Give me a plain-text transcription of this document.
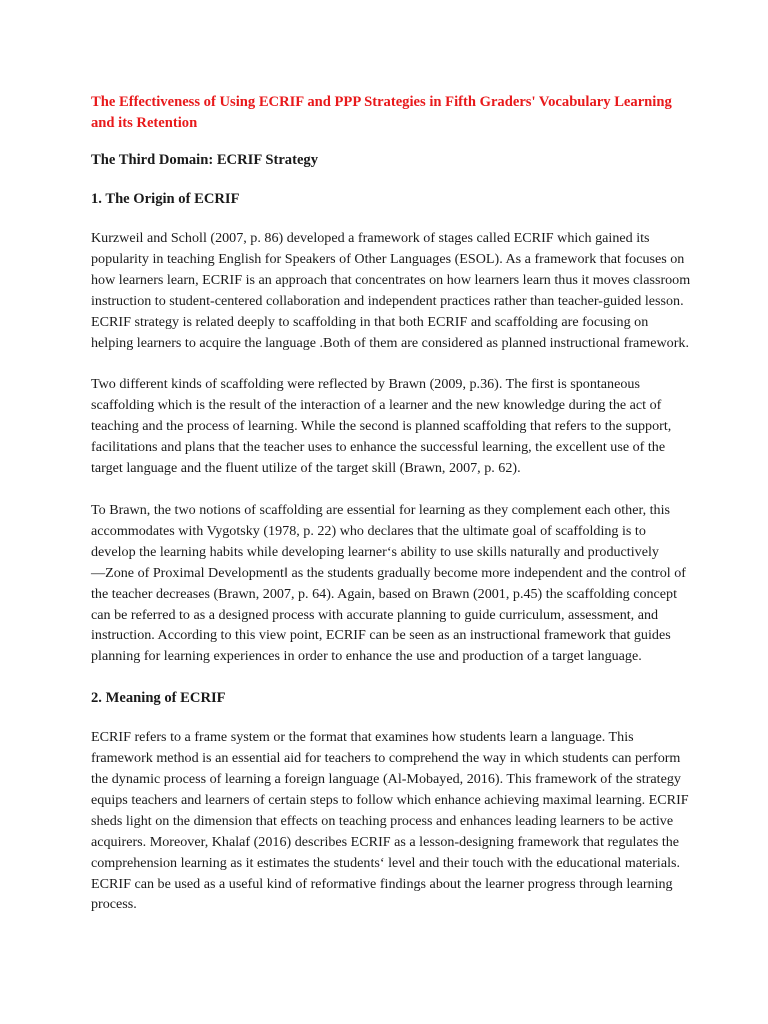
The Effectiveness of Using ECRIF and PPP Strategies in Fifth Graders' Vocabulary Learning and its Retention
The Third Domain: ECRIF Strategy
1. The Origin of ECRIF

Kurzweil and Scholl (2007, p. 86) developed a framework of stages called ECRIF which gained its popularity in teaching English for Speakers of Other Languages (ESOL). As a framework that focuses on how learners learn, ECRIF is an approach that concentrates on how learners learn thus it moves classroom instruction to student-centered collaboration and independent practices rather than teacher-guided lesson. ECRIF strategy is related deeply to scaffolding in that both ECRIF and scaffolding are focusing on helping learners to acquire the language .Both of them are considered as planned instructional framework.

Two different kinds of scaffolding were reflected by Brawn (2009, p.36). The first is spontaneous scaffolding which is the result of the interaction of a learner and the new knowledge during the act of teaching and the process of learning. While the second is planned scaffolding that refers to the support, facilitations and plans that the teacher uses to enhance the successful learning, the excellent use of the target language and the fluent utilize of the target skill (Brawn, 2007, p. 62).

To Brawn, the two notions of scaffolding are essential for learning as they complement each other, this accommodates with Vygotsky (1978, p. 22) who declares that the ultimate goal of scaffolding is to develop the learning habits while developing learner‘s ability to use skills naturally and productively ―Zone of Proximal Development‖ as the students gradually become more independent and the control of the teacher decreases (Brawn, 2007, p. 64). Again, based on Brawn (2001, p.45) the scaffolding concept can be referred to as a designed process with accurate planning to guide curriculum, assessment, and instruction. According to this view point, ECRIF can be seen as an instructional framework that guides planning for learning experiences in order to enhance the use and production of a target language.

2. Meaning of ECRIF

ECRIF refers to a frame system or the format that examines how students learn a language. This framework method is an essential aid for teachers to comprehend the way in which students can perform the dynamic process of learning a foreign language (Al-Mobayed, 2016). This framework of the strategy equips teachers and learners of certain steps to follow which enhance achieving maximal learning. ECRIF sheds light on the dimension that effects on teaching process and enhances leading learners to be active acquirers. Moreover, Khalaf (2016) describes ECRIF as a lesson-designing framework that regulates the comprehension learning as it estimates the students‘ level and their touch with the educational materials. ECRIF can be used as a useful kind of reformative findings about the learner progress through learning process.
